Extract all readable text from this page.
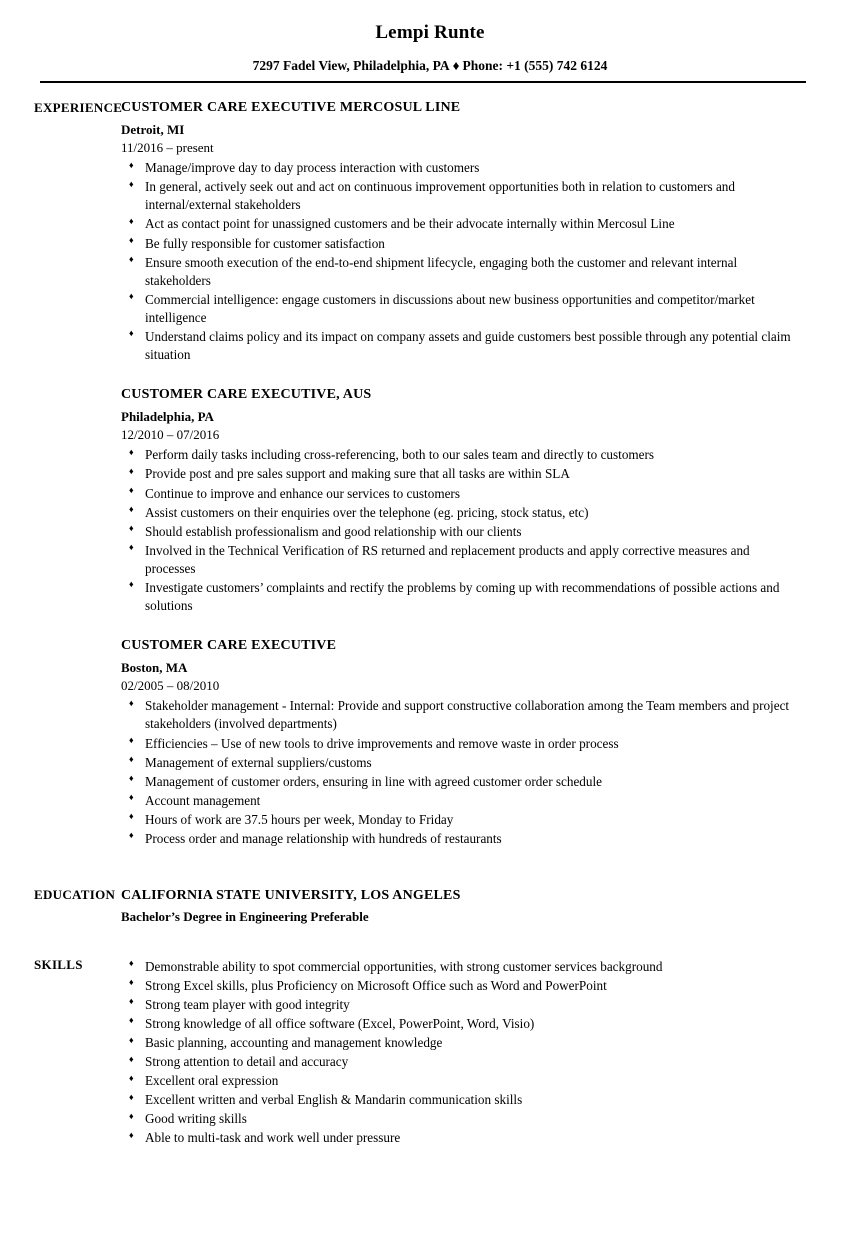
Lempi Runte
7297 Fadel View, Philadelphia, PA ♦ Phone: +1 (555) 742 6124
EXPERIENCE
CUSTOMER CARE EXECUTIVE MERCOSUL LINE
Detroit, MI
11/2016 – present
♦ Manage/improve day to day process interaction with customers
♦ In general, actively seek out and act on continuous improvement opportunities both in relation to customers and internal/external stakeholders
♦ Act as contact point for unassigned customers and be their advocate internally within Mercosul Line
♦ Be fully responsible for customer satisfaction
♦ Ensure smooth execution of the end-to-end shipment lifecycle, engaging both the customer and relevant internal stakeholders
♦ Commercial intelligence: engage customers in discussions about new business opportunities and competitor/market intelligence
♦ Understand claims policy and its impact on company assets and guide customers best possible through any potential claim situation
CUSTOMER CARE EXECUTIVE, AUS
Philadelphia, PA
12/2010 – 07/2016
♦ Perform daily tasks including cross-referencing, both to our sales team and directly to customers
♦ Provide post and pre sales support and making sure that all tasks are within SLA
♦ Continue to improve and enhance our services to customers
♦ Assist customers on their enquiries over the telephone (eg. pricing, stock status, etc)
♦ Should establish professionalism and good relationship with our clients
♦ Involved in the Technical Verification of RS returned and replacement products and apply corrective measures and processes
♦ Investigate customers’ complaints and rectify the problems by coming up with recommendations of possible actions and solutions
CUSTOMER CARE EXECUTIVE
Boston, MA
02/2005 – 08/2010
♦ Stakeholder management - Internal: Provide and support constructive collaboration among the Team members and project stakeholders (involved departments)
♦ Efficiencies – Use of new tools to drive improvements and remove waste in order process
♦ Management of external suppliers/customs
♦ Management of customer orders, ensuring in line with agreed customer order schedule
♦ Account management
♦ Hours of work are 37.5 hours per week, Monday to Friday
♦ Process order and manage relationship with hundreds of restaurants
EDUCATION CALIFORNIA STATE UNIVERSITY, LOS ANGELES
Bachelor’s Degree in Engineering Preferable
SKILLS	♦ Demonstrable ability to spot commercial opportunities, with strong customer services background
♦ Strong Excel skills, plus Proficiency on Microsoft Office such as Word and PowerPoint
♦ Strong team player with good integrity
♦ Strong knowledge of all office software (Excel, PowerPoint, Word, Visio)
♦ Basic planning, accounting and management knowledge
♦ Strong attention to detail and accuracy
♦ Excellent oral expression
♦ Excellent written and verbal English & Mandarin communication skills
♦ Good writing skills
♦ Able to multi-task and work well under pressure
